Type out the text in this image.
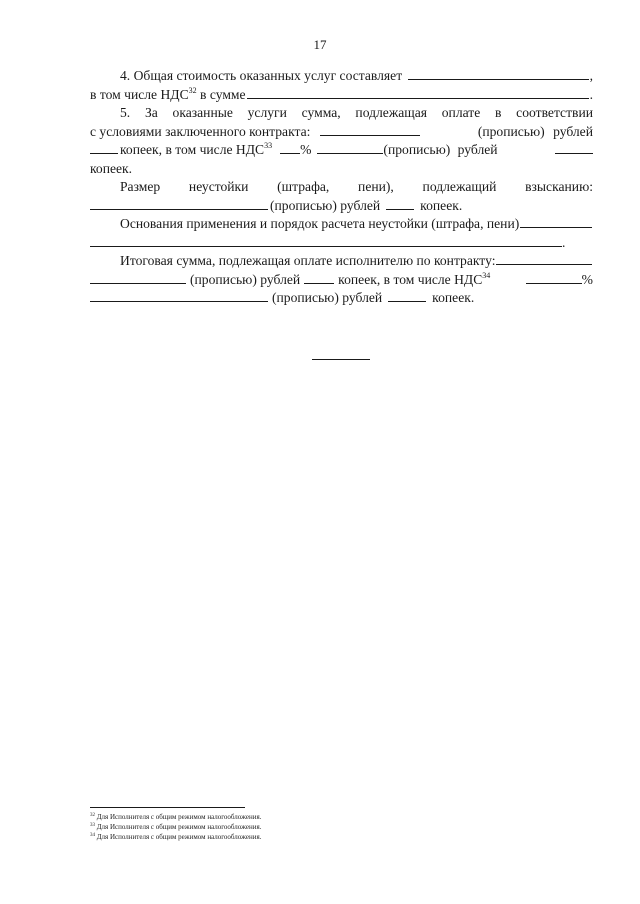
17
4. Общая стоимость оказанных услуг составляет	,
в том числе НДС$^{32}$ в сумме	.
5. За оказанные услуги сумма, подлежащая оплате в соответствии
с условиями заключенного контракта:	(прописью) рублей
копеек, в том числе НДС$^{33}$ %	(прописью) рублей
копеек.
Размер неустойки (штрафа, пени), подлежащий взысканию:
(прописью) рублей	копеек.
Основания применения и порядок расчета неустойки (штрафа, пени)
.
Итоговая сумма, подлежащая оплате исполнителю по контракту:
(прописью) рублей	копеек, в том числе НДС$^{34}$	%
(прописью) рублей	копеек.
$^{32}$ Для Исполнителя с общим режимом налогообложения.
$^{33}$ Для Исполнителя с общим режимом налогообложения.
$^{34}$ Для Исполнителя с общим режимом налогообложения.
